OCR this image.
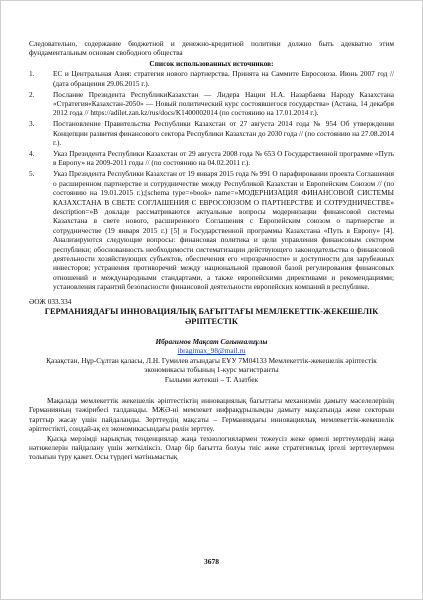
Следовательно, содержание бюджетной и денежно-кредитной политики должно быть адекватно этим фундаментальным основам свободного общества

Список использованных источников:
1.	ЕС и Центральная Азия: стратегия нового партнерства. Принята на Саммите Евросоюза. Июнь 2007 год // (дата обращения 29.06.2015 г.).
2.	Послание Президента РеспубликиКазахстан — Лидера Нации Н.А. Назарбаева Народу Казахстана «Стратегия«Казахстан-2050» — Новый политический курс состоявшегося государства» (Астана, 14 декабря 2012 года // https://adilet.zan.kz/rus/docs/K1400002014 (по состоянию на 17.01.2014 г.).
3.	Постановление Правительства Республики Казахстан от 27 августа 2014 года № 954 Об утверждении Концепции развития финансового сектора Республики Казахстан до 2030 года // (по состоянию на 27.08.2014 г.).
4.	Указ Президента Республики Казахстан от 29 августа 2008 года № 653 О Государственной программе «Путь в Европу» на 2009-2011 годы // (по состоянию на 04.02.2011 г.).
5.	Указ Президента Республики Казахстан от 19 января 2015 года № 991 О парафировании проекта Соглашения о расширенном партнерстве и сотрудничестве между Республикой Казахстан и Европейским Союзом // (по состоянию на 19.01.2015 г.);[schema type=»book» name=»МОДЕРНИЗАЦИЯ ФИНАНСОВОЙ СИСТЕМЫ КАЗАХСТАНА В СВЕТЕ СОГЛАШЕНИЯ С ЕВРОСОЮЗОМ О ПАРТНЕРСТВЕ И СОТРУДНИЧЕСТВЕ» description=»В докладе рассматриваются актуальные вопросы модернизации финансовой системы Казахстана в свете нового, расширенного Соглашения с Европейским союзом о партнерстве и сотрудничестве (19 января 2015 г.) [5] и Государственной программы Казахстана «Путь в Европу» [4]. Анализируются следующие вопросы: финансовая политика и цели управления финансовым сектором республики; обоснованность необходимости систематизации действующего законодательства о финансовой деятельности хозяйствующих субъектов, обеспечения его «прозрачности» и доступности для зарубежных инвесторов; устранения противоречий между национальной правовой базой регулирования финансовых отношений и международными стандартами, а также европейскими директивами и рекомендациями; установления гарантий безопасности финансовой деятельности европейских компаний в республике.
ӘОЖ 033.334
ГЕРМАНИЯДАҒЫ ИННОВАЦИЯЛЫҚ БАҒЫТТАҒЫ МЕМЛЕКЕТТІК-ЖЕКЕШЕЛІК ӘРІПТЕСТІК
Ибрагимов Мақсат Сағынғалиұлы
ibragimax_98@mail.ru
Қазақстан, Нұр-Сұлтан қаласы, Л.Н. Гумилев атындағы ЕҰУ 7М04133 Мемлекеттік-жекешелік әріптестік экономикасы тобының 1-курс магистранты
Ғылыми жетекші – Т. Азатбек

Мақалада мемлекеттік жекешелік әріптестіктің инновациялық бағыттағы механизмін дамыту мәселелерінің Германияның тәжірибесі талданады. МЖӘ-ні мемлекет инфрақұрылымды дамыту мақсатында жеке секторын тарттыр жасау үшін пайдаланды. Зерттеудің мақсаты – Германиядағы инновациялық мемлекеттік-жекешелік әріптестікті, сондай-ақ ел экономикасындағы рөлін зерттеу.

Қысқа мерзімді нарықтық тенденциялар жаңа технологиялармен тежеусіз жеке өрмелі зерттеулердің жаңа нәтижелерін пайдалану үшін жеткіліксіз. Олар бір бағытта болуы тиіс жеке стратегиялық іргелі зерттеулермен толығын түру қажет. Осы түрдеғі мәтіньмастық

3678
